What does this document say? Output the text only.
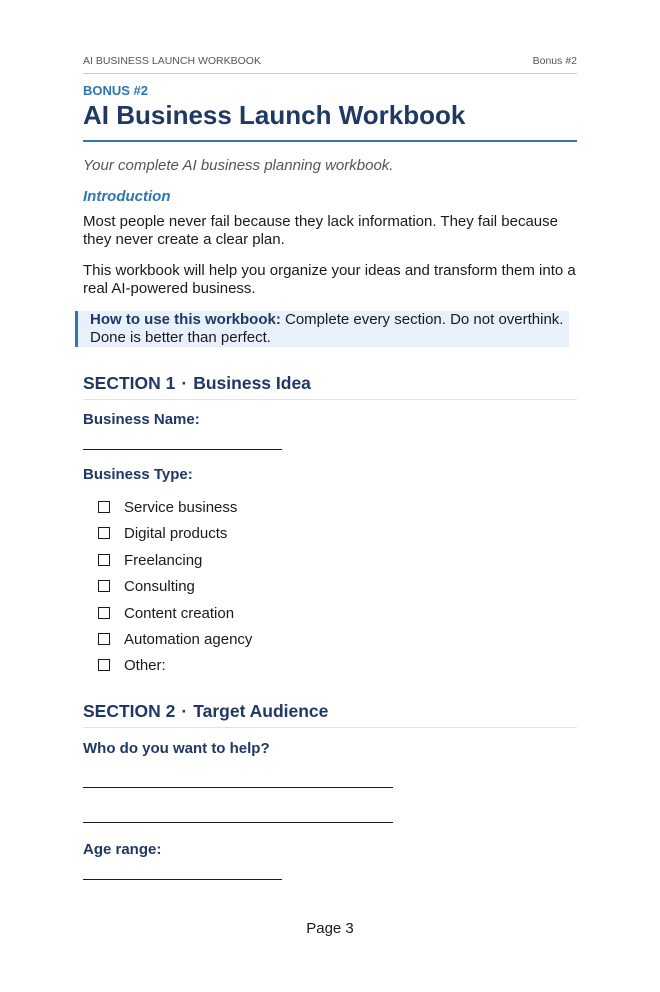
AI BUSINESS LAUNCH WORKBOOK	Bonus #2
BONUS #2
AI Business Launch Workbook
Your complete AI business planning workbook.
Introduction
Most people never fail because they lack information. They fail because they never create a clear plan.
This workbook will help you organize your ideas and transform them into a real AI-powered business.
How to use this workbook: Complete every section. Do not overthink. Done is better than perfect.
SECTION 1 · Business Idea
Business Name:
Business Type:
Service business
Digital products
Freelancing
Consulting
Content creation
Automation agency
Other:
SECTION 2 · Target Audience
Who do you want to help?
Age range:
Page 3
